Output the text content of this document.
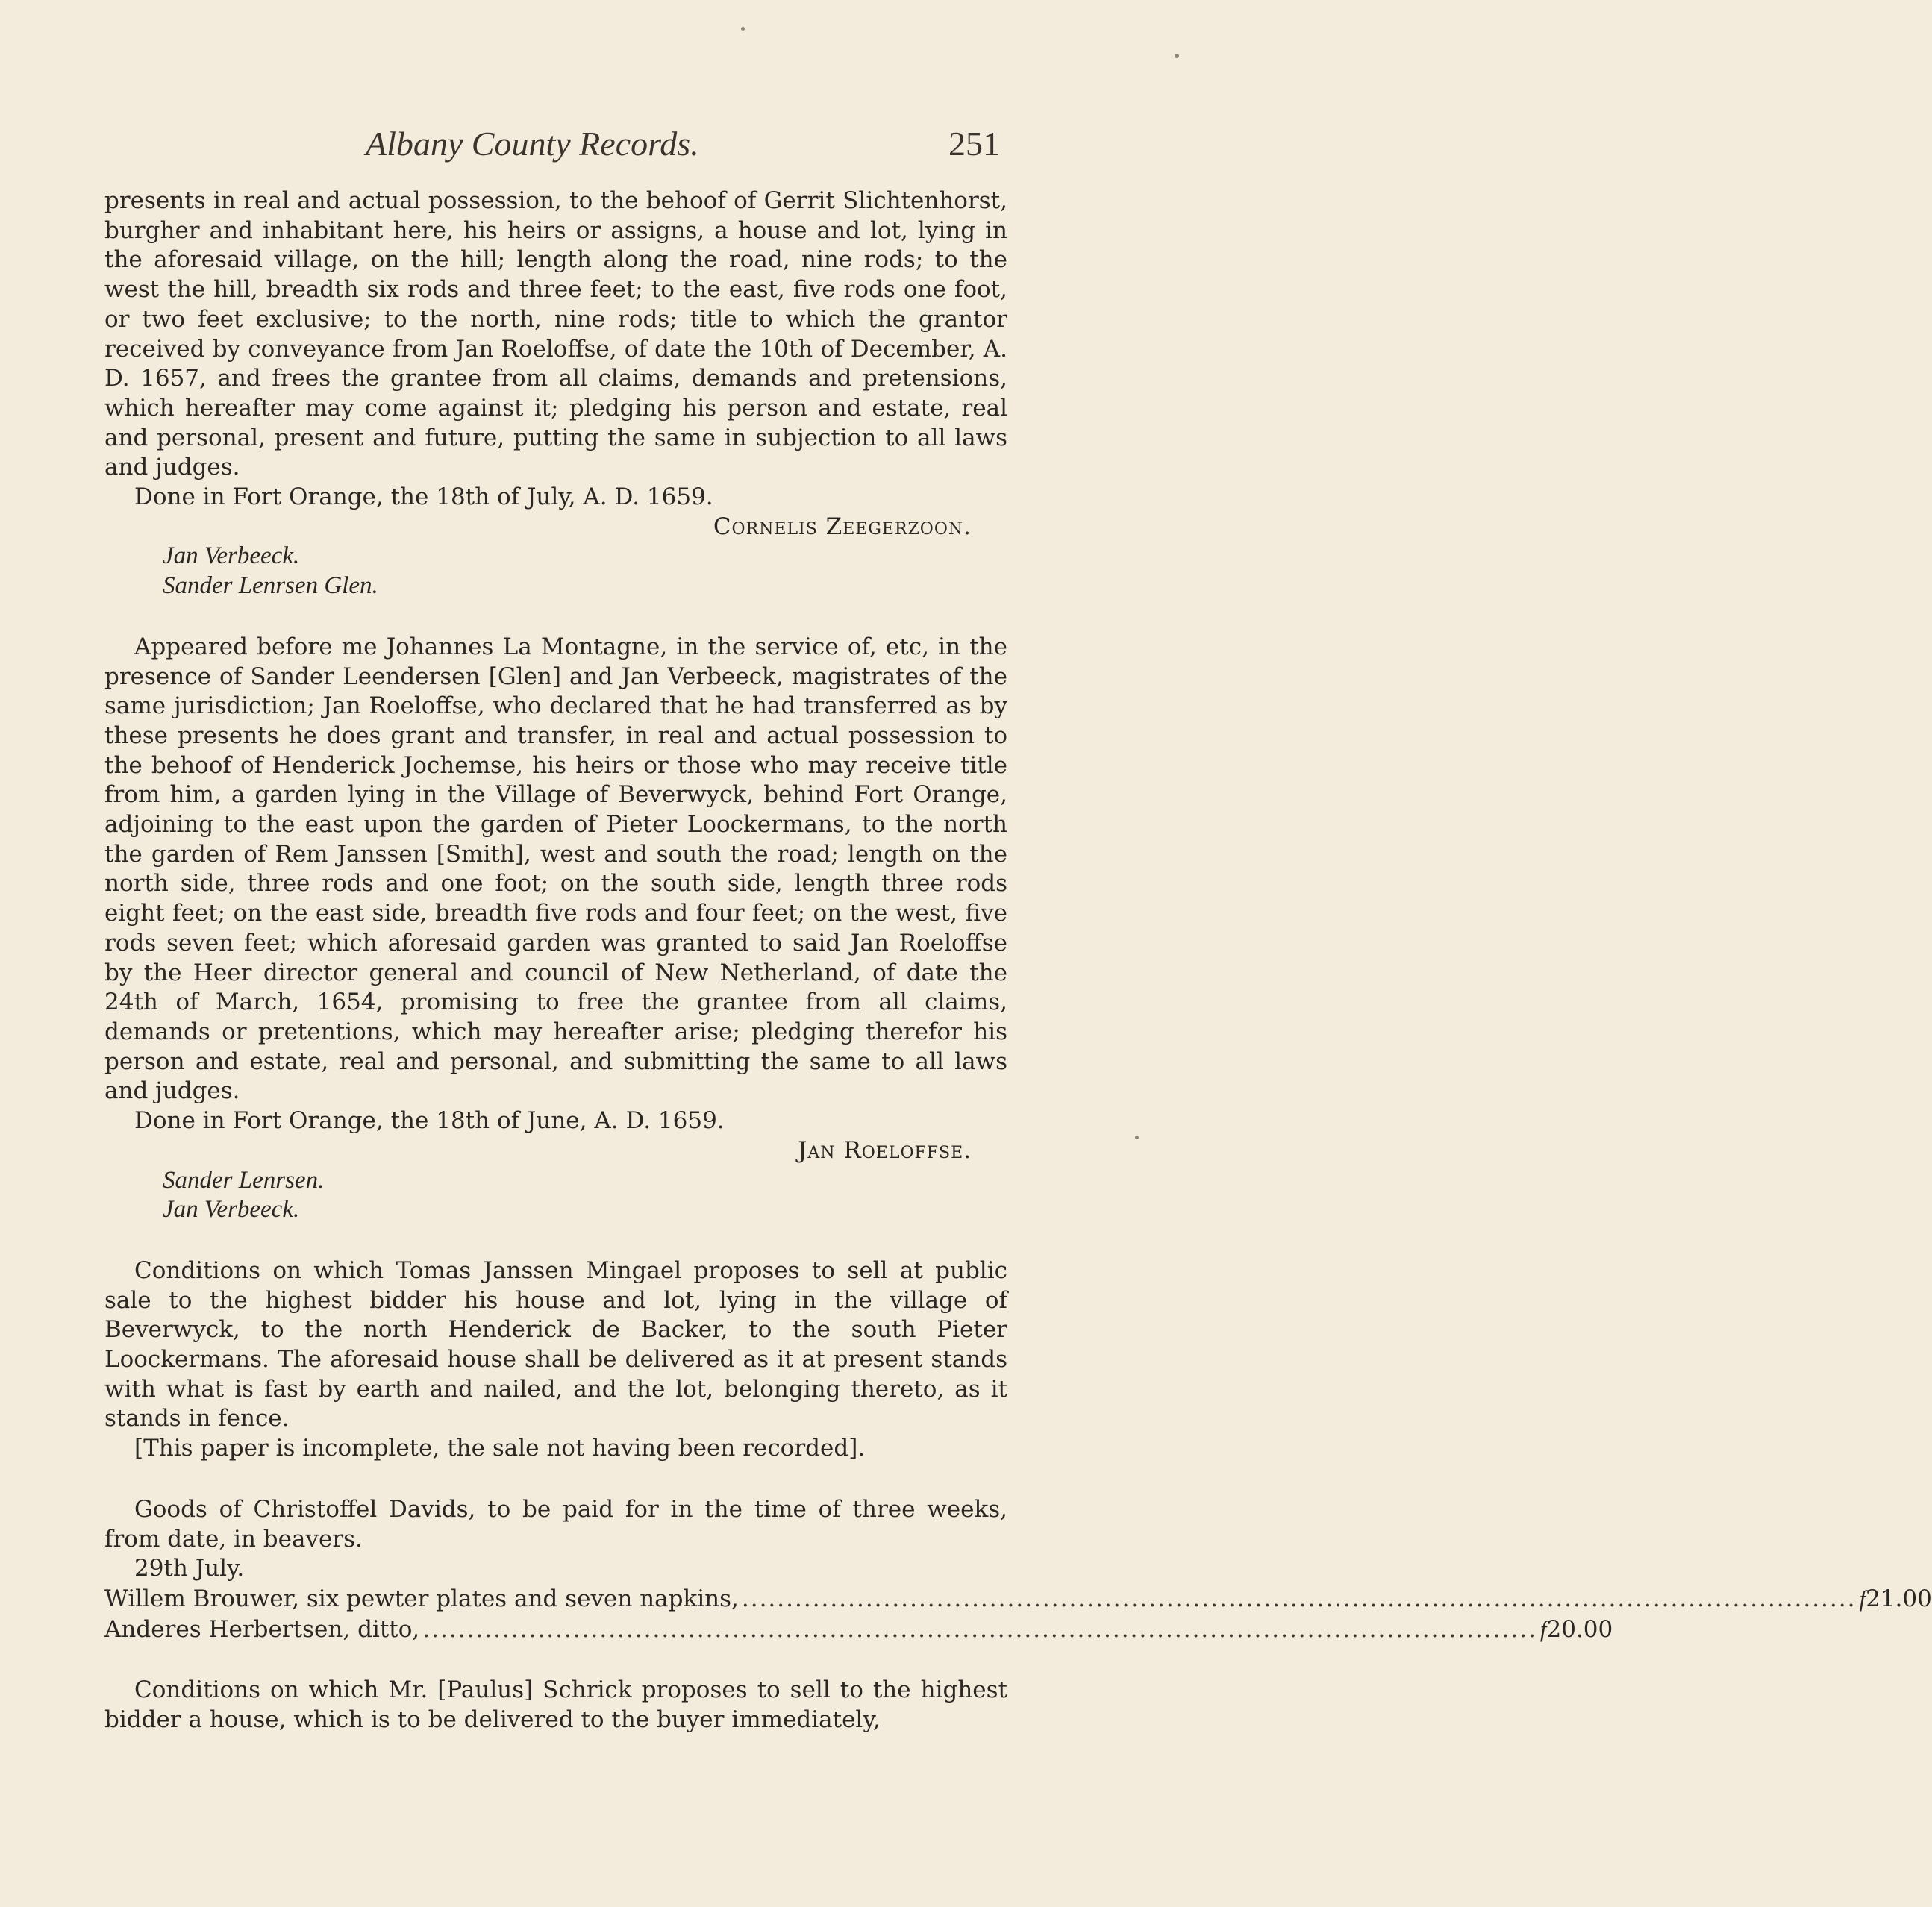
Albany County Records.	251

presents in real and actual possession, to the behoof of Gerrit Slichtenhorst, burgher and inhabitant here, his heirs or assigns, a house and lot, lying in the aforesaid village, on the hill; length along the road, nine rods; to the west the hill, breadth six rods and three feet; to the east, five rods one foot, or two feet exclusive; to the north, nine rods; title to which the grantor received by conveyance from Jan Roeloffse, of date the 10th of December, A. D. 1657, and frees the grantee from all claims, demands and pretensions, which hereafter may come against it; pledging his person and estate, real and personal, present and future, putting the same in subjection to all laws and judges.

Done in Fort Orange, the 18th of July, A. D. 1659.

Cornelis Zeegerzoon.

Jan Verbeeck.

Sander Lenrsen Glen.

Appeared before me Johannes La Montagne, in the service of, etc, in the presence of Sander Leendersen [Glen] and Jan Verbeeck, magistrates of the same jurisdiction; Jan Roeloffse, who declared that he had transferred as by these presents he does grant and transfer, in real and actual possession to the behoof of Henderick Jochemse, his heirs or those who may receive title from him, a garden lying in the Village of Beverwyck, behind Fort Orange, adjoining to the east upon the garden of Pieter Loockermans, to the north the garden of Rem Janssen [Smith], west and south the road; length on the north side, three rods and one foot; on the south side, length three rods eight feet; on the east side, breadth five rods and four feet; on the west, five rods seven feet; which aforesaid garden was granted to said Jan Roeloffse by the Heer director general and council of New Netherland, of date the 24th of March, 1654, promising to free the grantee from all claims, demands or pretentions, which may hereafter arise; pledging therefor his person and estate, real and personal, and submitting the same to all laws and judges.

Done in Fort Orange, the 18th of June, A. D. 1659.

Jan Roeloffse.

Sander Lenrsen.

Jan Verbeeck.

Conditions on which Tomas Janssen Mingael proposes to sell at public sale to the highest bidder his house and lot, lying in the village of Beverwyck, to the north Henderick de Backer, to the south Pieter Loockermans. The aforesaid house shall be delivered as it at present stands with what is fast by earth and nailed, and the lot, belonging thereto, as it stands in fence.

[This paper is incomplete, the sale not having been recorded].

Goods of Christoffel Davids, to be paid for in the time of three weeks, from date, in beavers.

29th July.

Willem Brouwer, six pewter plates and seven napkins, .............................................................................................................................. f 21.00
Anderes Herbertsen, ditto, .............................................................................................................................. f 20.00

Conditions on which Mr. [Paulus] Schrick proposes to sell to the highest bidder a house, which is to be delivered to the buyer immediately,
